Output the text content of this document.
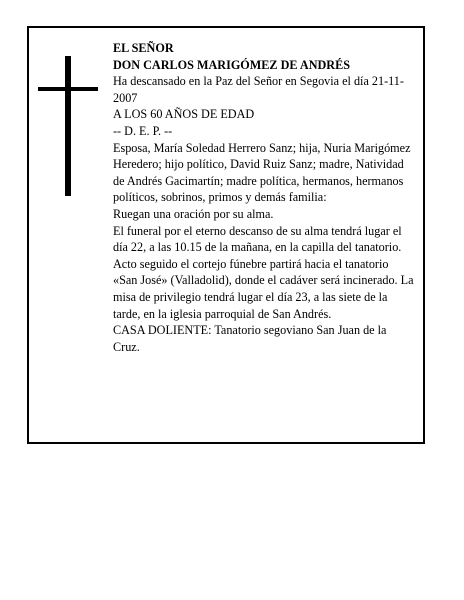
EL SEÑOR

DON CARLOS MARIGÓMEZ DE ANDRÉS

Ha descansado en la Paz del Señor en Segovia el día 21-11-2007

A LOS 60 AÑOS DE EDAD

-- D. E. P. --

Esposa, María Soledad Herrero Sanz; hija, Nuria Marigómez Heredero; hijo político, David Ruiz Sanz; madre, Natividad de Andrés Gacimartín; madre política, hermanos, hermanos políticos, sobrinos, primos y demás familia:

Ruegan una oración por su alma.

El funeral por el eterno descanso de su alma tendrá lugar el día 22, a las 10.15 de la mañana, en la capilla del tanatorio. Acto seguido el cortejo fúnebre partirá hacia el tanatorio «San José» (Valladolid), donde el cadáver será incinerado. La misa de privilegio tendrá lugar el día 23, a las siete de la tarde, en la iglesia parroquial de San Andrés.

CASA DOLIENTE: Tanatorio segoviano San Juan de la Cruz.
